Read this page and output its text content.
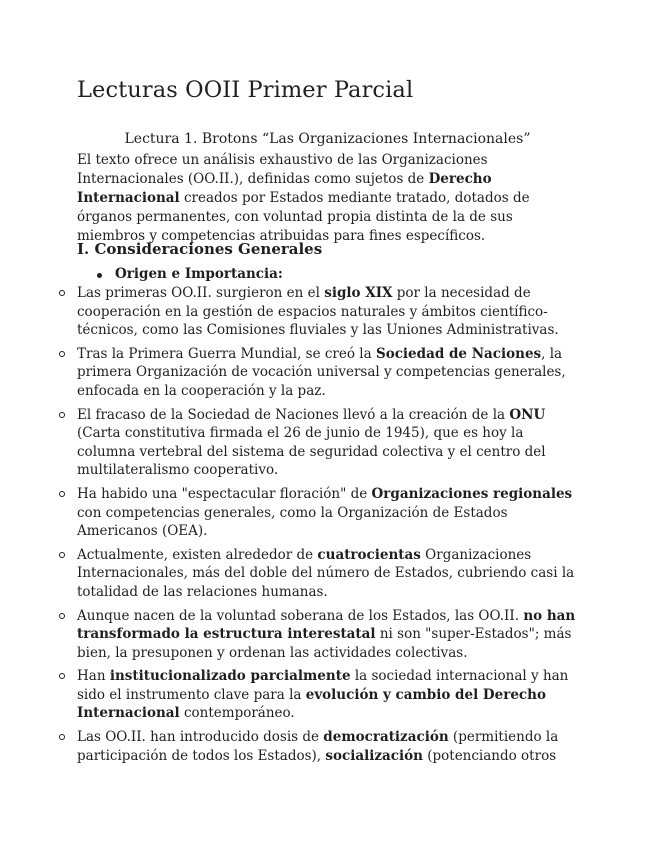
Lecturas OOII Primer Parcial

Lectura 1. Brotons “Las Organizaciones Internacionales”

El texto ofrece un análisis exhaustivo de las Organizaciones Internacionales (OO.II.), definidas como sujetos de Derecho Internacional creados por Estados mediante tratado, dotados de órganos permanentes, con voluntad propia distinta de la de sus miembros y competencias atribuidas para fines específicos.

I. Consideraciones Generales
Origen e Importancia:
Las primeras OO.II. surgieron en el siglo XIX por la necesidad de cooperación en la gestión de espacios naturales y ámbitos científico-técnicos, como las Comisiones fluviales y las Uniones Administrativas.
Tras la Primera Guerra Mundial, se creó la Sociedad de Naciones, la primera Organización de vocación universal y competencias generales, enfocada en la cooperación y la paz.
El fracaso de la Sociedad de Naciones llevó a la creación de la ONU (Carta constitutiva firmada el 26 de junio de 1945), que es hoy la columna vertebral del sistema de seguridad colectiva y el centro del multilateralismo cooperativo.
Ha habido una "espectacular floración" de Organizaciones regionales con competencias generales, como la Organización de Estados Americanos (OEA).
Actualmente, existen alrededor de cuatrocientas Organizaciones Internacionales, más del doble del número de Estados, cubriendo casi la totalidad de las relaciones humanas.
Aunque nacen de la voluntad soberana de los Estados, las OO.II. no han transformado la estructura interestatal ni son "super-Estados"; más bien, la presuponen y ordenan las actividades colectivas.
Han institucionalizado parcialmente la sociedad internacional y han sido el instrumento clave para la evolución y cambio del Derecho Internacional contemporáneo.
Las OO.II. han introducido dosis de democratización (permitiendo la participación de todos los Estados), socialización (potenciando otros
